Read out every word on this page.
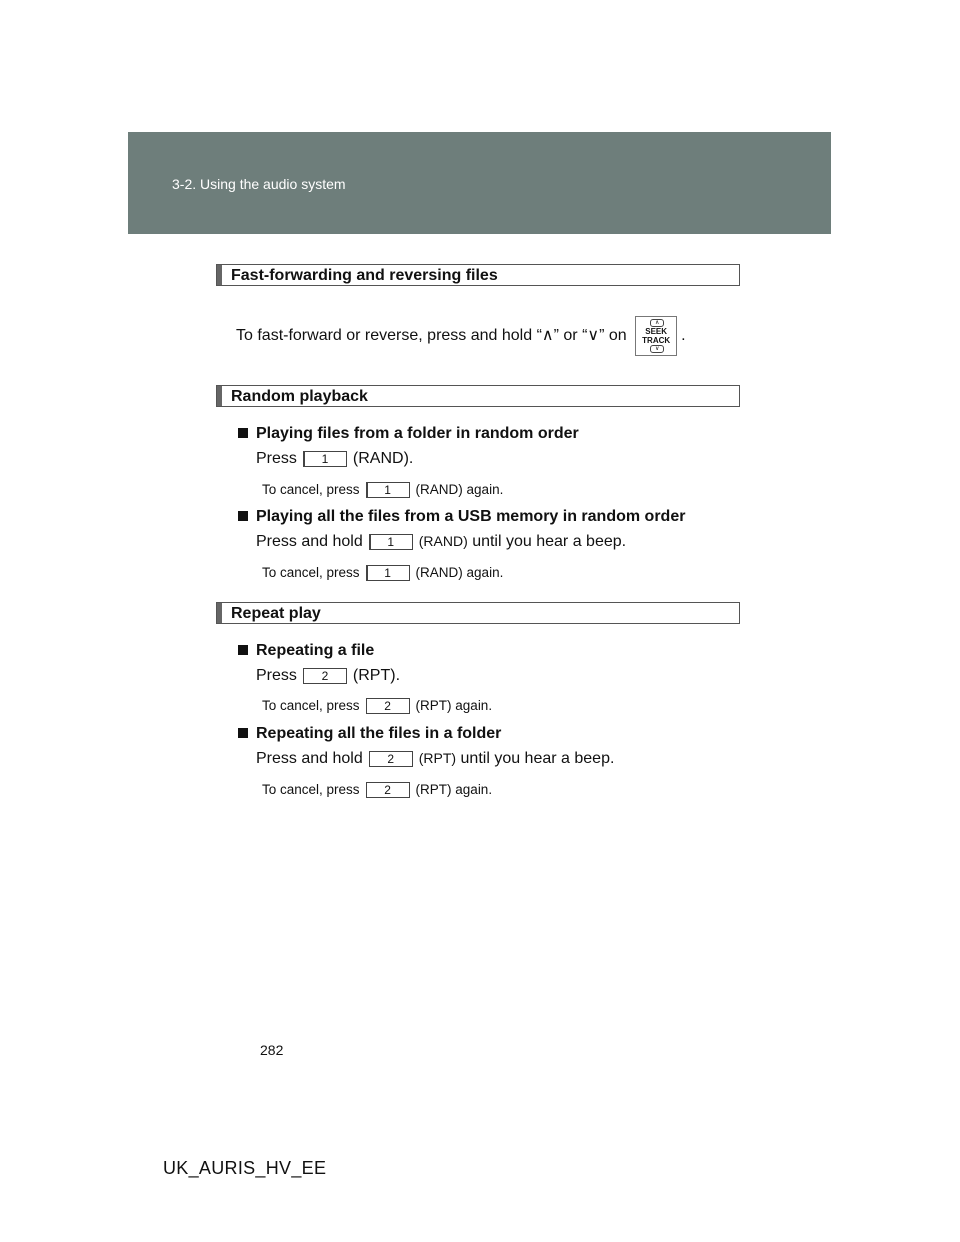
3-2. Using the audio system
Fast-forwarding and reversing files
To fast-forward or reverse, press and hold “∧” or “∨” on
∧
SEEK
TRACK
∨
.
Random playback
Playing files from a folder in random order
Press 1 (RAND).
To cancel, press 1 (RAND) again.
Playing all the files from a USB memory in random order
Press and hold 1 (RAND) until you hear a beep.
To cancel, press 1 (RAND) again.
Repeat play
Repeating a file
Press 2 (RPT).
To cancel, press 2 (RPT) again.
Repeating all the files in a folder
Press and hold 2 (RPT) until you hear a beep.
To cancel, press 2 (RPT) again.
282
UK_AURIS_HV_EE
